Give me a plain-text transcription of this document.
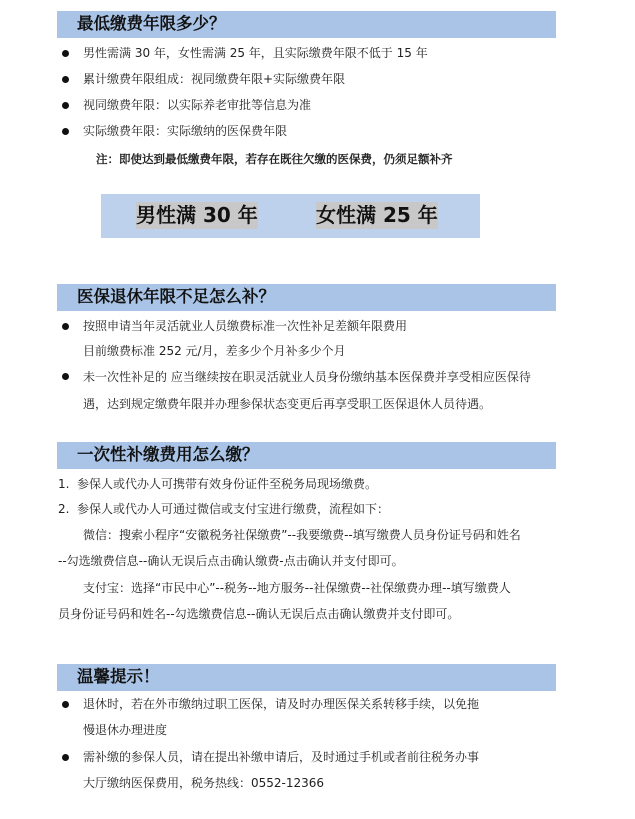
最低缴费年限多少？
男性需满 30 年，女性需满 25 年，且实际缴费年限不低于 15 年
累计缴费年限组成：视同缴费年限+实际缴费年限
视同缴费年限：以实际养老审批等信息为准
实际缴费年限：实际缴纳的医保费年限
注：即使达到最低缴费年限，若存在既往欠缴的医保费，仍须足额补齐
男性满 30 年	女性满 25 年
医保退休年限不足怎么补？
按照申请当年灵活就业人员缴费标准一次性补足差额年限费用
目前缴费标准 252 元/月，差多少个月补多少个月
未一次性补足的 应当继续按在职灵活就业人员身份缴纳基本医保费并享受相应医保待
遇，达到规定缴费年限并办理参保状态变更后再享受职工医保退休人员待遇。
一次性补缴费用怎么缴？
1. 参保人或代办人可携带有效身份证件至税务局现场缴费。
2. 参保人或代办人可通过微信或支付宝进行缴费，流程如下：
微信：搜索小程序“安徽税务社保缴费”--我要缴费--填写缴费人员身份证号码和姓名
--勾选缴费信息--确认无误后点击确认缴费-点击确认并支付即可。
支付宝：选择“市民中心”--税务--地方服务--社保缴费--社保缴费办理--填写缴费人
员身份证号码和姓名--勾选缴费信息--确认无误后点击确认缴费并支付即可。
温馨提示！
退休时，若在外市缴纳过职工医保，请及时办理医保关系转移手续，以免拖
慢退休办理进度
需补缴的参保人员，请在提出补缴申请后，及时通过手机或者前往税务办事
大厅缴纳医保费用，税务热线：0552-12366
